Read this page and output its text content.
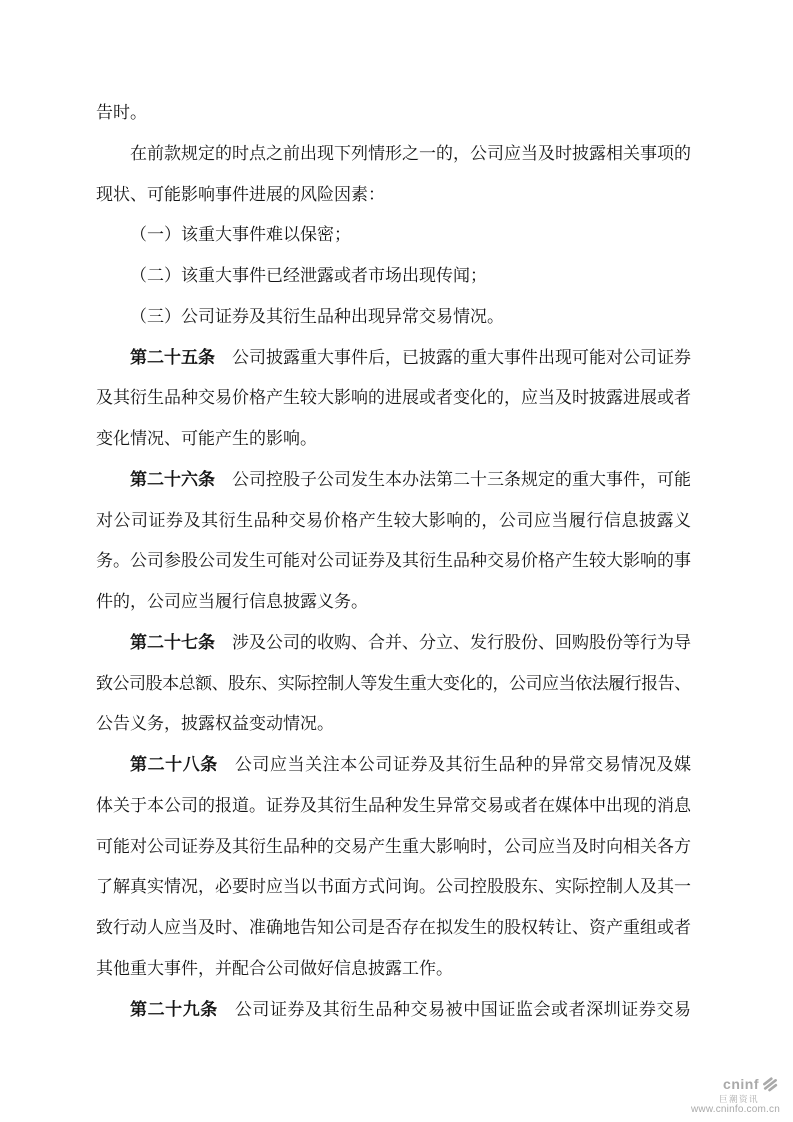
告时。
在前款规定的时点之前出现下列情形之一的，公司应当及时披露相关事项的
现状、可能影响事件进展的风险因素：
（一）该重大事件难以保密；
（二）该重大事件已经泄露或者市场出现传闻；
（三）公司证券及其衍生品种出现异常交易情况。
第二十五条 公司披露重大事件后，已披露的重大事件出现可能对公司证券
及其衍生品种交易价格产生较大影响的进展或者变化的，应当及时披露进展或者
变化情况、可能产生的影响。
第二十六条 公司控股子公司发生本办法第二十三条规定的重大事件，可能
对公司证券及其衍生品种交易价格产生较大影响的，公司应当履行信息披露义
务。公司参股公司发生可能对公司证券及其衍生品种交易价格产生较大影响的事
件的，公司应当履行信息披露义务。
第二十七条 涉及公司的收购、合并、分立、发行股份、回购股份等行为导
致公司股本总额、股东、实际控制人等发生重大变化的，公司应当依法履行报告、
公告义务，披露权益变动情况。
第二十八条 公司应当关注本公司证券及其衍生品种的异常交易情况及媒
体关于本公司的报道。证券及其衍生品种发生异常交易或者在媒体中出现的消息
可能对公司证券及其衍生品种的交易产生重大影响时，公司应当及时向相关各方
了解真实情况，必要时应当以书面方式问询。公司控股股东、实际控制人及其一
致行动人应当及时、准确地告知公司是否存在拟发生的股权转让、资产重组或者
其他重大事件，并配合公司做好信息披露工作。
第二十九条 公司证券及其衍生品种交易被中国证监会或者深圳证券交易
cninf
巨潮资讯
www.cninfo.com.cn
